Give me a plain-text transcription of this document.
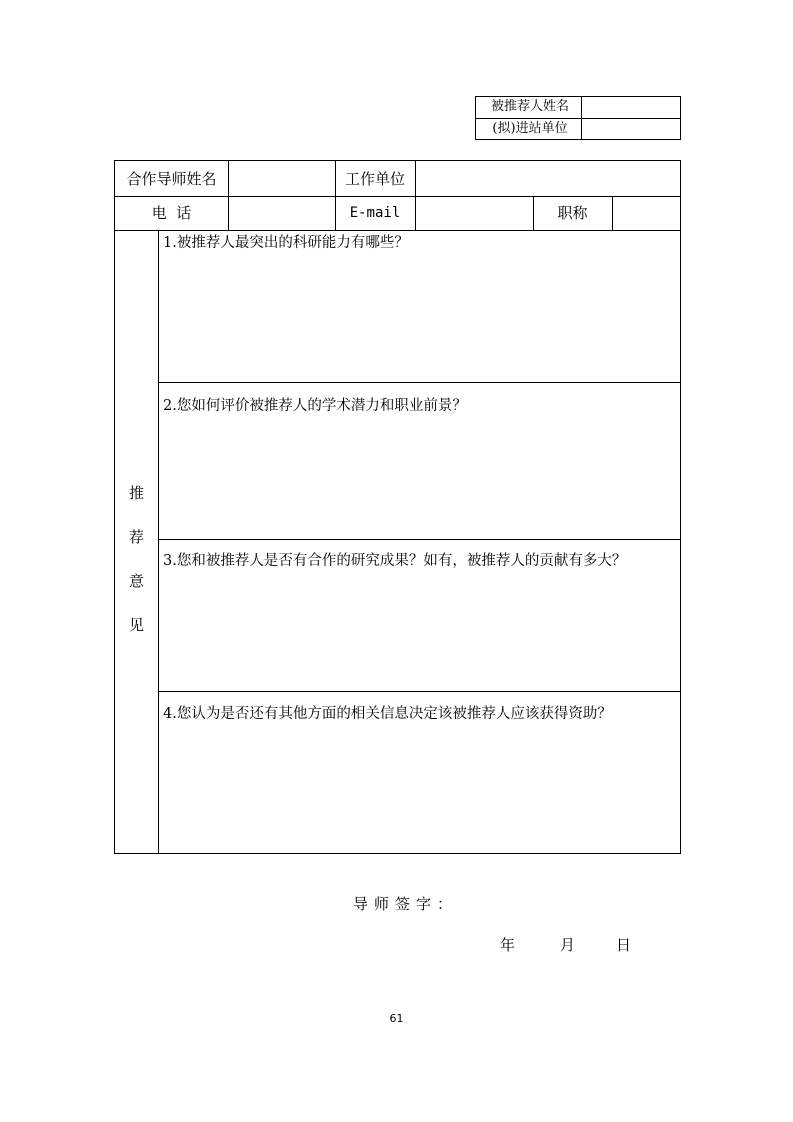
被推荐人姓名
(拟)进站单位
合作导师姓名	工作单位
电  话	E-mail	职称
推
荐
意
见
1.被推荐人最突出的科研能力有哪些？
2.您如何评价被推荐人的学术潜力和职业前景？
3.您和被推荐人是否有合作的研究成果？如有，被推荐人的贡献有多大？
4.您认为是否还有其他方面的相关信息决定该被推荐人应该获得资助？
导师签字：
年	月	日
61
